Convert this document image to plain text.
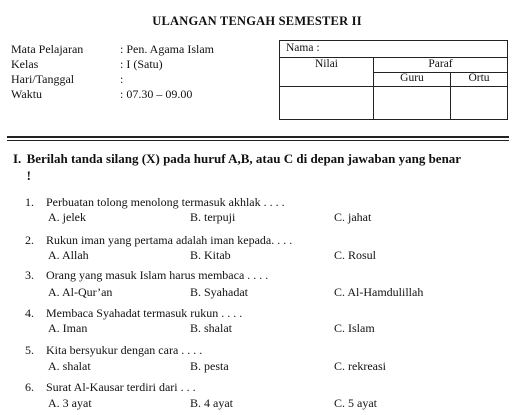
ULANGAN TENGAH SEMESTER II
Mata Pelajaran	: Pen. Agama Islam
Kelas	: I (Satu)
Hari/Tanggal	:
Waktu	: 07.30 – 09.00
Nama :
Nilai	Paraf
Guru	Ortu
I. Berilah tanda silang (X) pada huruf A,B, atau C di depan jawaban yang benar !
1. Perbuatan tolong menolong termasuk akhlak . . . .
A. jelek	B. terpuji	C. jahat
2. Rukun iman yang pertama adalah iman kepada. . . .
A. Allah	B. Kitab	C. Rosul
3. Orang yang masuk Islam harus membaca . . . .
A. Al-Qur’an	B. Syahadat	C. Al-Hamdulillah
4. Membaca Syahadat termasuk rukun . . . .
A. Iman	B. shalat	C. Islam
5. Kita bersyukur dengan cara . . . .
A. shalat	B. pesta	C. rekreasi
6. Surat Al-Kausar terdiri dari . . .
A. 3 ayat	B. 4 ayat	C. 5 ayat
